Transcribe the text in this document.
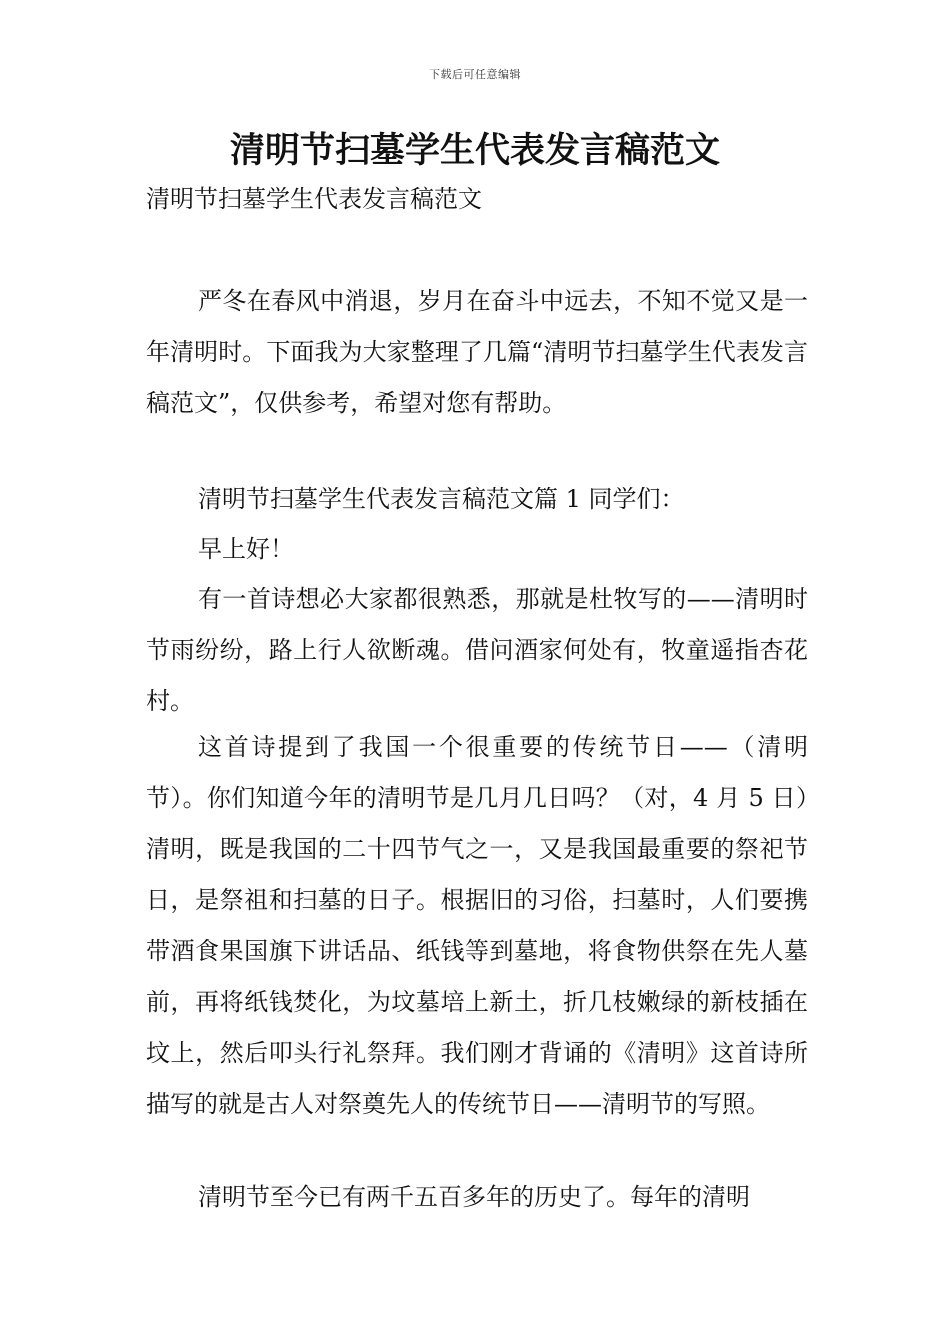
下载后可任意编辑
清明节扫墓学生代表发言稿范文

清明节扫墓学生代表发言稿范文

严冬在春风中消退，岁月在奋斗中远去，不知不觉又是一年清明时。下面我为大家整理了几篇“清明节扫墓学生代表发言稿范文”，仅供参考，希望对您有帮助。

清明节扫墓学生代表发言稿范文篇 1 同学们：

早上好！

有一首诗想必大家都很熟悉，那就是杜牧写的——清明时节雨纷纷，路上行人欲断魂。借问酒家何处有，牧童遥指杏花村。

这首诗提到了我国一个很重要的传统节日——（清明节）。你们知道今年的清明节是几月几日吗？（对，4 月 5 日）清明，既是我国的二十四节气之一，又是我国最重要的祭祀节日，是祭祖和扫墓的日子。根据旧的习俗，扫墓时，人们要携带酒食果国旗下讲话品、纸钱等到墓地，将食物供祭在先人墓前，再将纸钱焚化，为坟墓培上新土，折几枝嫩绿的新枝插在坟上，然后叩头行礼祭拜。我们刚才背诵的《清明》这首诗所描写的就是古人对祭奠先人的传统节日——清明节的写照。

清明节至今已有两千五百多年的历史了。每年的清明
